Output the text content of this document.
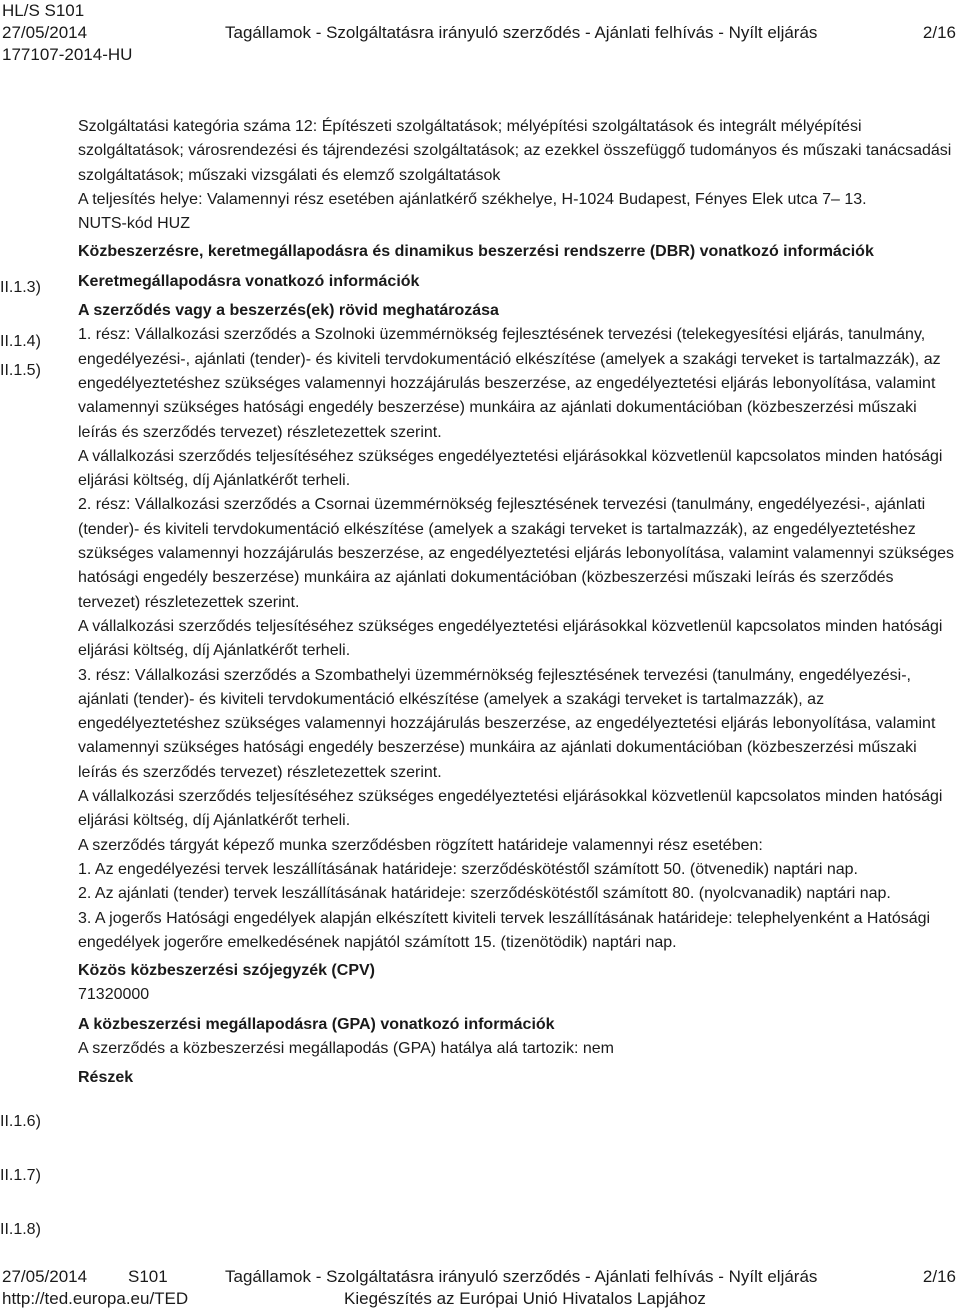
HL/S S101
27/05/2014	Tagállamok - Szolgáltatásra irányuló szerződés - Ajánlati felhívás - Nyílt eljárás	2/16
177107-2014-HU
II.1.3)
II.1.4)
II.1.5)
II.1.6)
II.1.7)
II.1.8)

Szolgáltatási kategória száma 12: Építészeti szolgáltatások; mélyépítési szolgáltatások és integrált mélyépítési szolgáltatások; városrendezési és tájrendezési szolgáltatások; az ezekkel összefüggő tudományos és műszaki tanácsadási szolgáltatások; műszaki vizsgálati és elemző szolgáltatások

A teljesítés helye: Valamennyi rész esetében ajánlatkérő székhelye, H-1024 Budapest, Fényes Elek utca 7– 13.

NUTS-kód HUZ

Közbeszerzésre, keretmegállapodásra és dinamikus beszerzési rendszerre (DBR) vonatkozó információk

Keretmegállapodásra vonatkozó információk

A szerződés vagy a beszerzés(ek) rövid meghatározása

1. rész: Vállalkozási szerződés a Szolnoki üzemmérnökség fejlesztésének tervezési (telekegyesítési eljárás, tanulmány, engedélyezési-, ajánlati (tender)- és kiviteli tervdokumentáció elkészítése (amelyek a szakági terveket is tartalmazzák), az engedélyeztetéshez szükséges valamennyi hozzájárulás beszerzése, az engedélyeztetési eljárás lebonyolítása, valamint valamennyi szükséges hatósági engedély beszerzése) munkáira az ajánlati dokumentációban (közbeszerzési műszaki leírás és szerződés tervezet) részletezettek szerint.

A vállalkozási szerződés teljesítéséhez szükséges engedélyeztetési eljárásokkal közvetlenül kapcsolatos minden hatósági eljárási költség, díj Ajánlatkérőt terheli.

2. rész: Vállalkozási szerződés a Csornai üzemmérnökség fejlesztésének tervezési (tanulmány, engedélyezési-, ajánlati (tender)- és kiviteli tervdokumentáció elkészítése (amelyek a szakági terveket is tartalmazzák), az engedélyeztetéshez szükséges valamennyi hozzájárulás beszerzése, az engedélyeztetési eljárás lebonyolítása, valamint valamennyi szükséges hatósági engedély beszerzése) munkáira az ajánlati dokumentációban (közbeszerzési műszaki leírás és szerződés tervezet) részletezettek szerint.

A vállalkozási szerződés teljesítéséhez szükséges engedélyeztetési eljárásokkal közvetlenül kapcsolatos minden hatósági eljárási költség, díj Ajánlatkérőt terheli.

3. rész: Vállalkozási szerződés a Szombathelyi üzemmérnökség fejlesztésének tervezési (tanulmány, engedélyezési-, ajánlati (tender)- és kiviteli tervdokumentáció elkészítése (amelyek a szakági terveket is tartalmazzák), az engedélyeztetéshez szükséges valamennyi hozzájárulás beszerzése, az engedélyeztetési eljárás lebonyolítása, valamint valamennyi szükséges hatósági engedély beszerzése) munkáira az ajánlati dokumentációban (közbeszerzési műszaki leírás és szerződés tervezet) részletezettek szerint.

A vállalkozási szerződés teljesítéséhez szükséges engedélyeztetési eljárásokkal közvetlenül kapcsolatos minden hatósági eljárási költség, díj Ajánlatkérőt terheli.

A szerződés tárgyát képező munka szerződésben rögzített határideje valamennyi rész esetében:

1. Az engedélyezési tervek leszállításának határideje: szerződéskötéstől számított 50. (ötvenedik) naptári nap.

2. Az ajánlati (tender) tervek leszállításának határideje: szerződéskötéstől számított 80. (nyolcvanadik) naptári nap.

3. A jogerős Hatósági engedélyek alapján elkészített kiviteli tervek leszállításának határideje: telephelyenként a Hatósági engedélyek jogerőre emelkedésének napjától számított 15. (tizenötödik) naptári nap.

Közös közbeszerzési szójegyzék (CPV)

71320000

A közbeszerzési megállapodásra (GPA) vonatkozó információk

A szerződés a közbeszerzési megállapodás (GPA) hatálya alá tartozik: nem

Részek

27/05/2014 S101	Tagállamok - Szolgáltatásra irányuló szerződés - Ajánlati felhívás - Nyílt eljárás	2/16
http://ted.europa.eu/TED	Kiegészítés az Európai Unió Hivatalos Lapjához
